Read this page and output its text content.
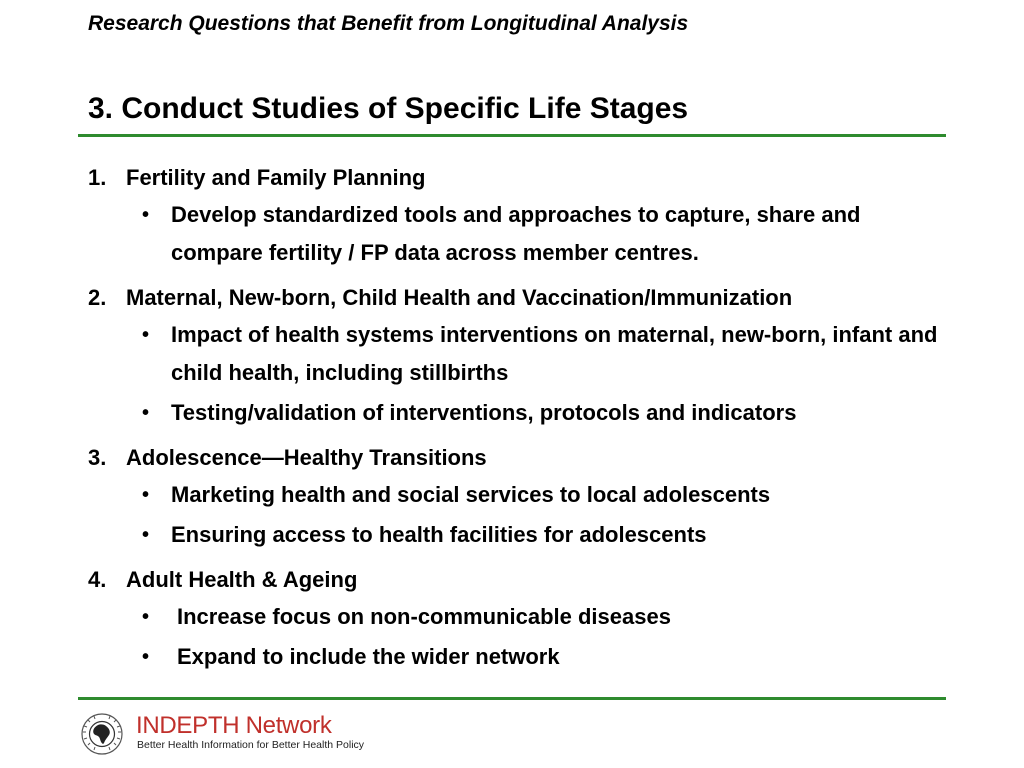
Research Questions that Benefit from Longitudinal Analysis
3. Conduct Studies of Specific Life Stages
1. Fertility and Family Planning
• Develop standardized tools and approaches to capture, share and compare fertility / FP data across member centres.
2. Maternal, New-born, Child Health and Vaccination/Immunization
• Impact of health systems interventions on maternal, new-born, infant and child health, including stillbirths
• Testing/validation of interventions, protocols and indicators
3. Adolescence—Healthy Transitions
• Marketing health and social services to local adolescents
• Ensuring access to health facilities for adolescents
4. Adult Health & Ageing
•	Increase focus on non-communicable diseases
•	Expand to include the wider network
INDEPTH Network
Better Health Information for Better Health Policy
